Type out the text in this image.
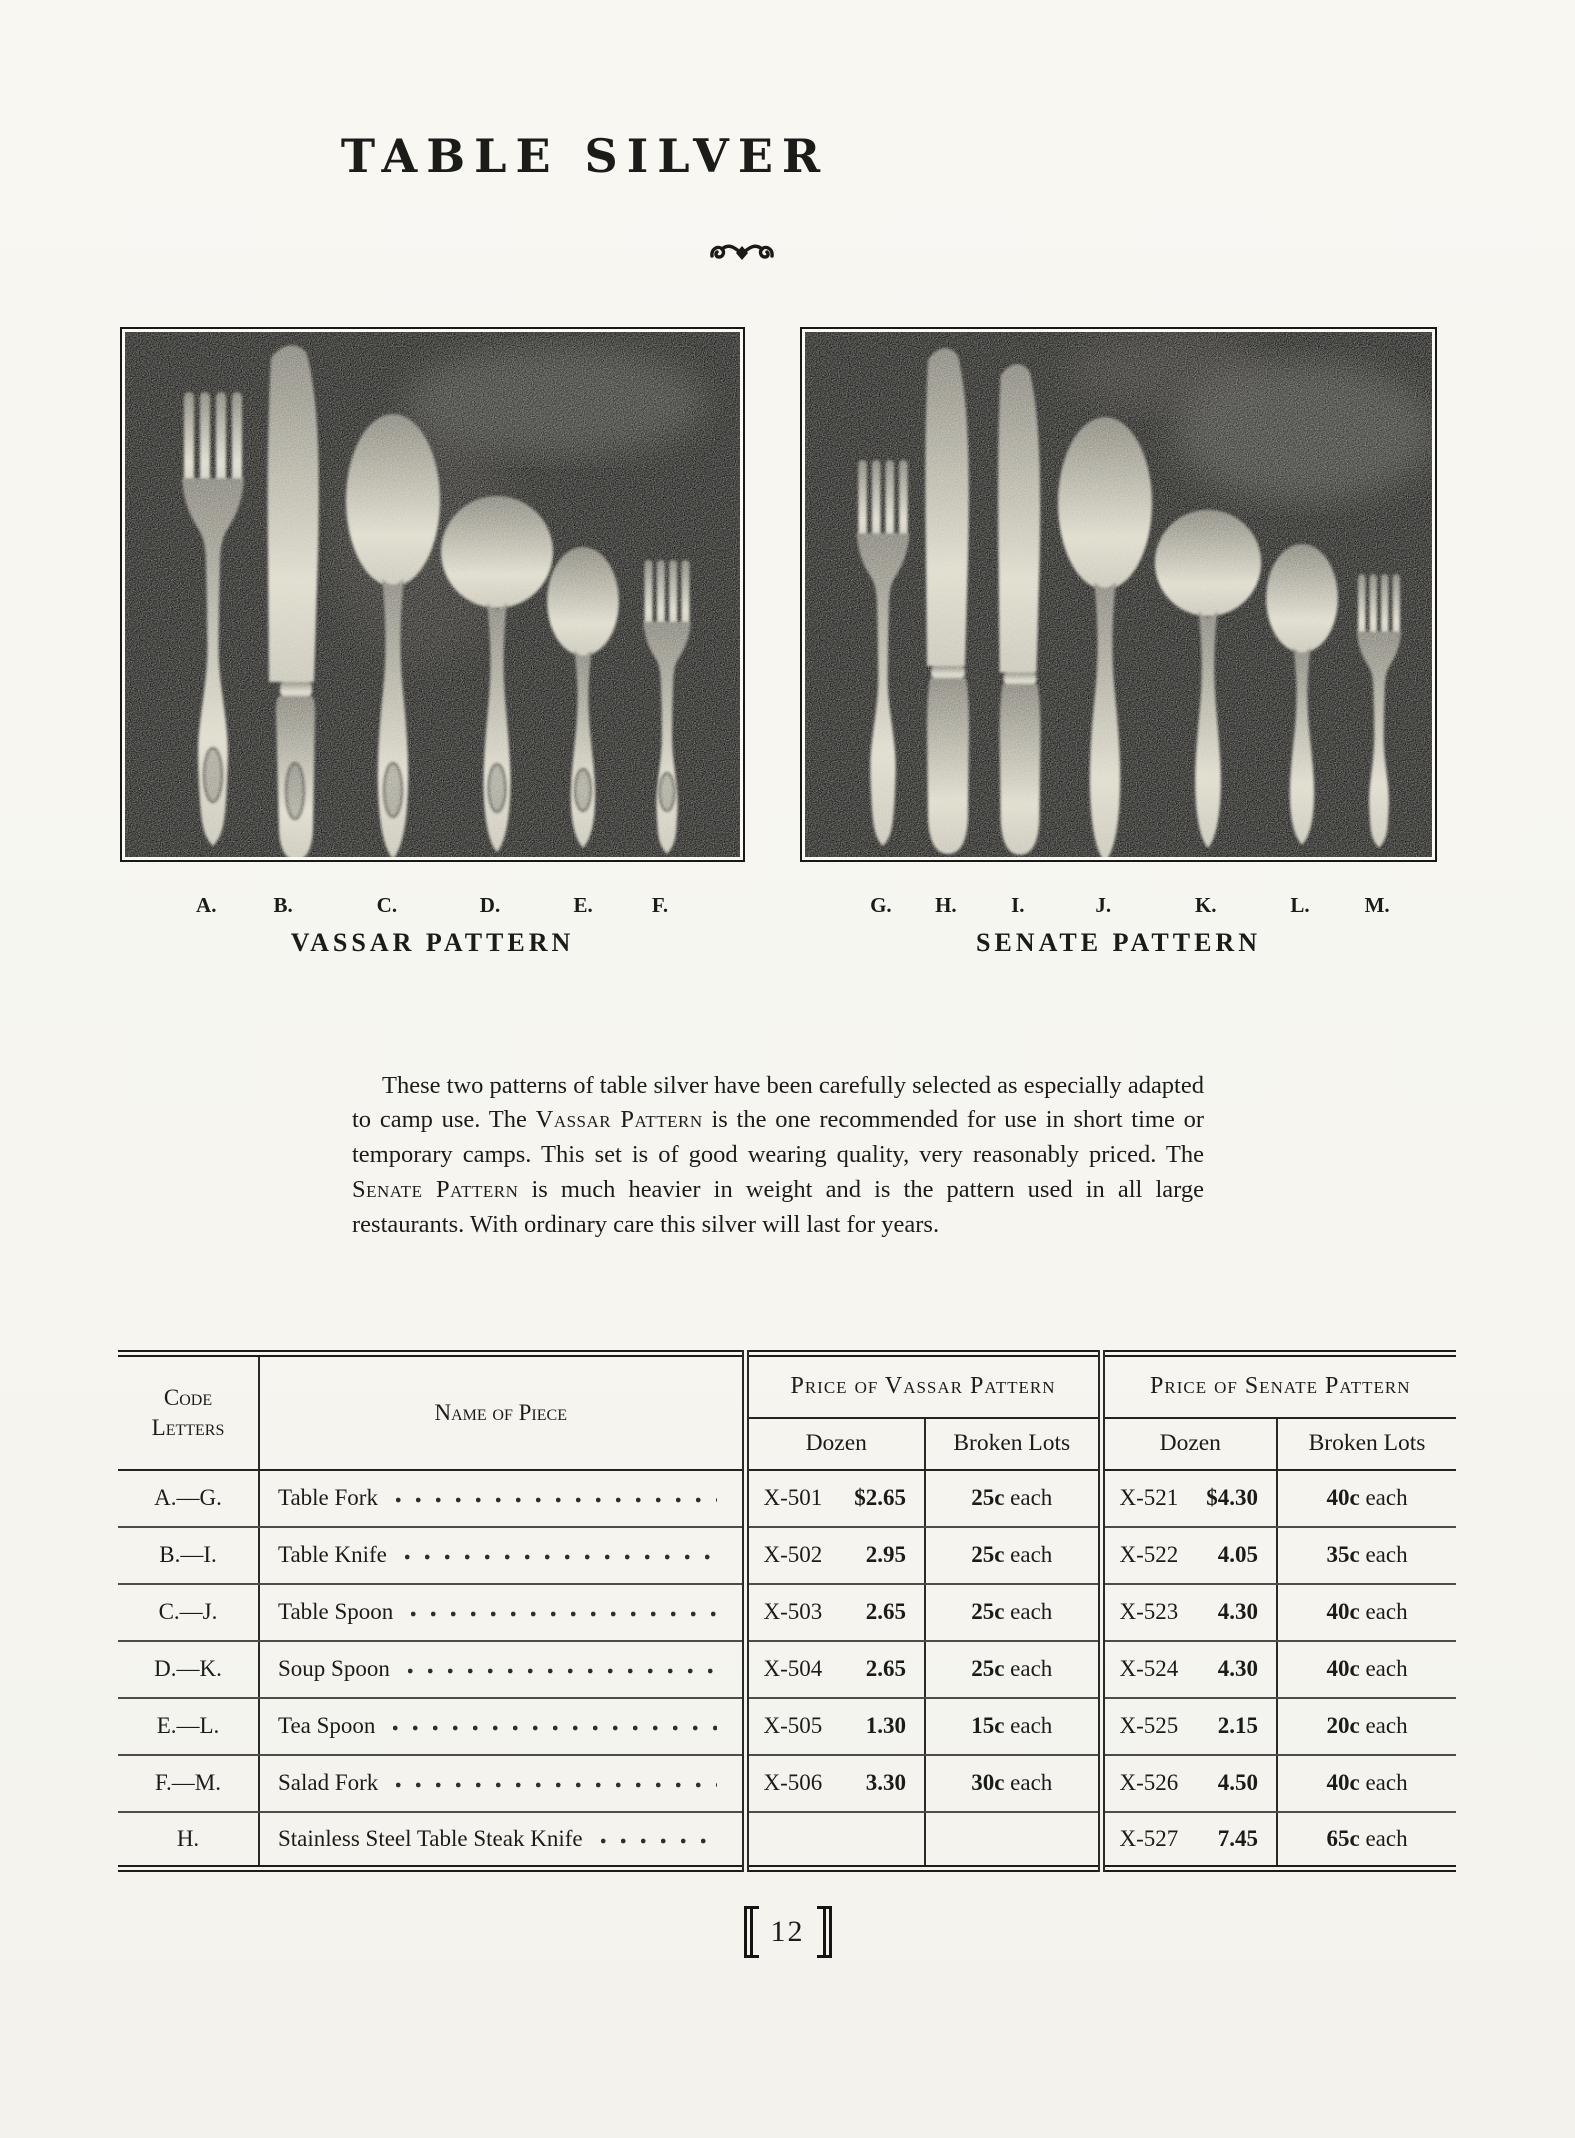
TABLE SILVER
A.	B.	C.	D.	E.	F.
VASSAR PATTERN
G. H.	I.	J.	K.	L.	M.
SENATE PATTERN

These two patterns of table silver have been carefully selected as especially adapted to camp use. The Vassar Pattern is the one recommended for use in short time or temporary camps. This set is of good wearing quality, very reasonably priced. The Senate Pattern is much heavier in weight and is the pattern used in all large restaurants. With ordinary care this silver will last for years.

Code Letters	Name of Piece	Price of Vassar Pattern		Price of Senate Pattern	
		Dozen	Broken Lots	Dozen	Broken Lots
A.—G.	Table Fork	X-501 $2.65	25c each	X-521 $4.30	40c each
B.—I.	Table Knife	X-502 2.95	25c each	X-522 4.05	35c each
C.—J.	Table Spoon	X-503 2.65	25c each	X-523 4.30	40c each
D.—K.	Soup Spoon	X-504 2.65	25c each	X-524 4.30	40c each
E.—L.	Tea Spoon	X-505 1.30	15c each	X-525 2.15	20c each
F.—M.	Salad Fork	X-506 3.30	30c each	X-526 4.50	40c each
H.	Stainless Steel Table Steak Knife			X-527 7.45	65c each
12
